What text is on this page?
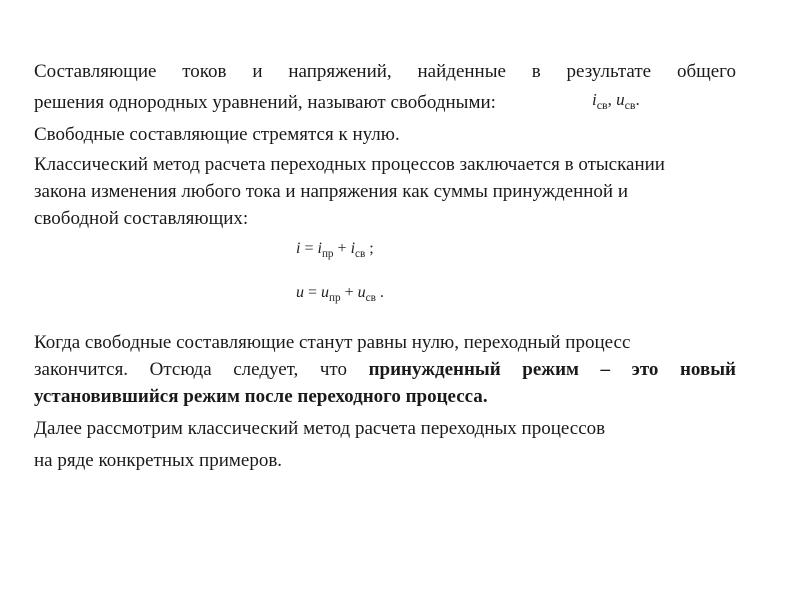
Составляющие токов и напряжений, найденные в результате общего
решения однородных уравнений, называют свободными:	$i_{св}$, $u_{св}$.
Свободные составляющие стремятся к нулю.
Классический метод расчета переходных процессов заключается в отыскании
закона изменения любого тока и напряжения как суммы принужденной и
свободной составляющих:
$i = i_{пр} + i_{св}$ ;
$u = u_{пр} + u_{св}$ .
Когда свободные составляющие станут равны нулю, переходный процесс
закончится. Отсюда следует, что принужденный режим – это новый
установившийся режим после переходного процесса.
Далее рассмотрим классический метод расчета переходных процессов
на ряде конкретных примеров.
